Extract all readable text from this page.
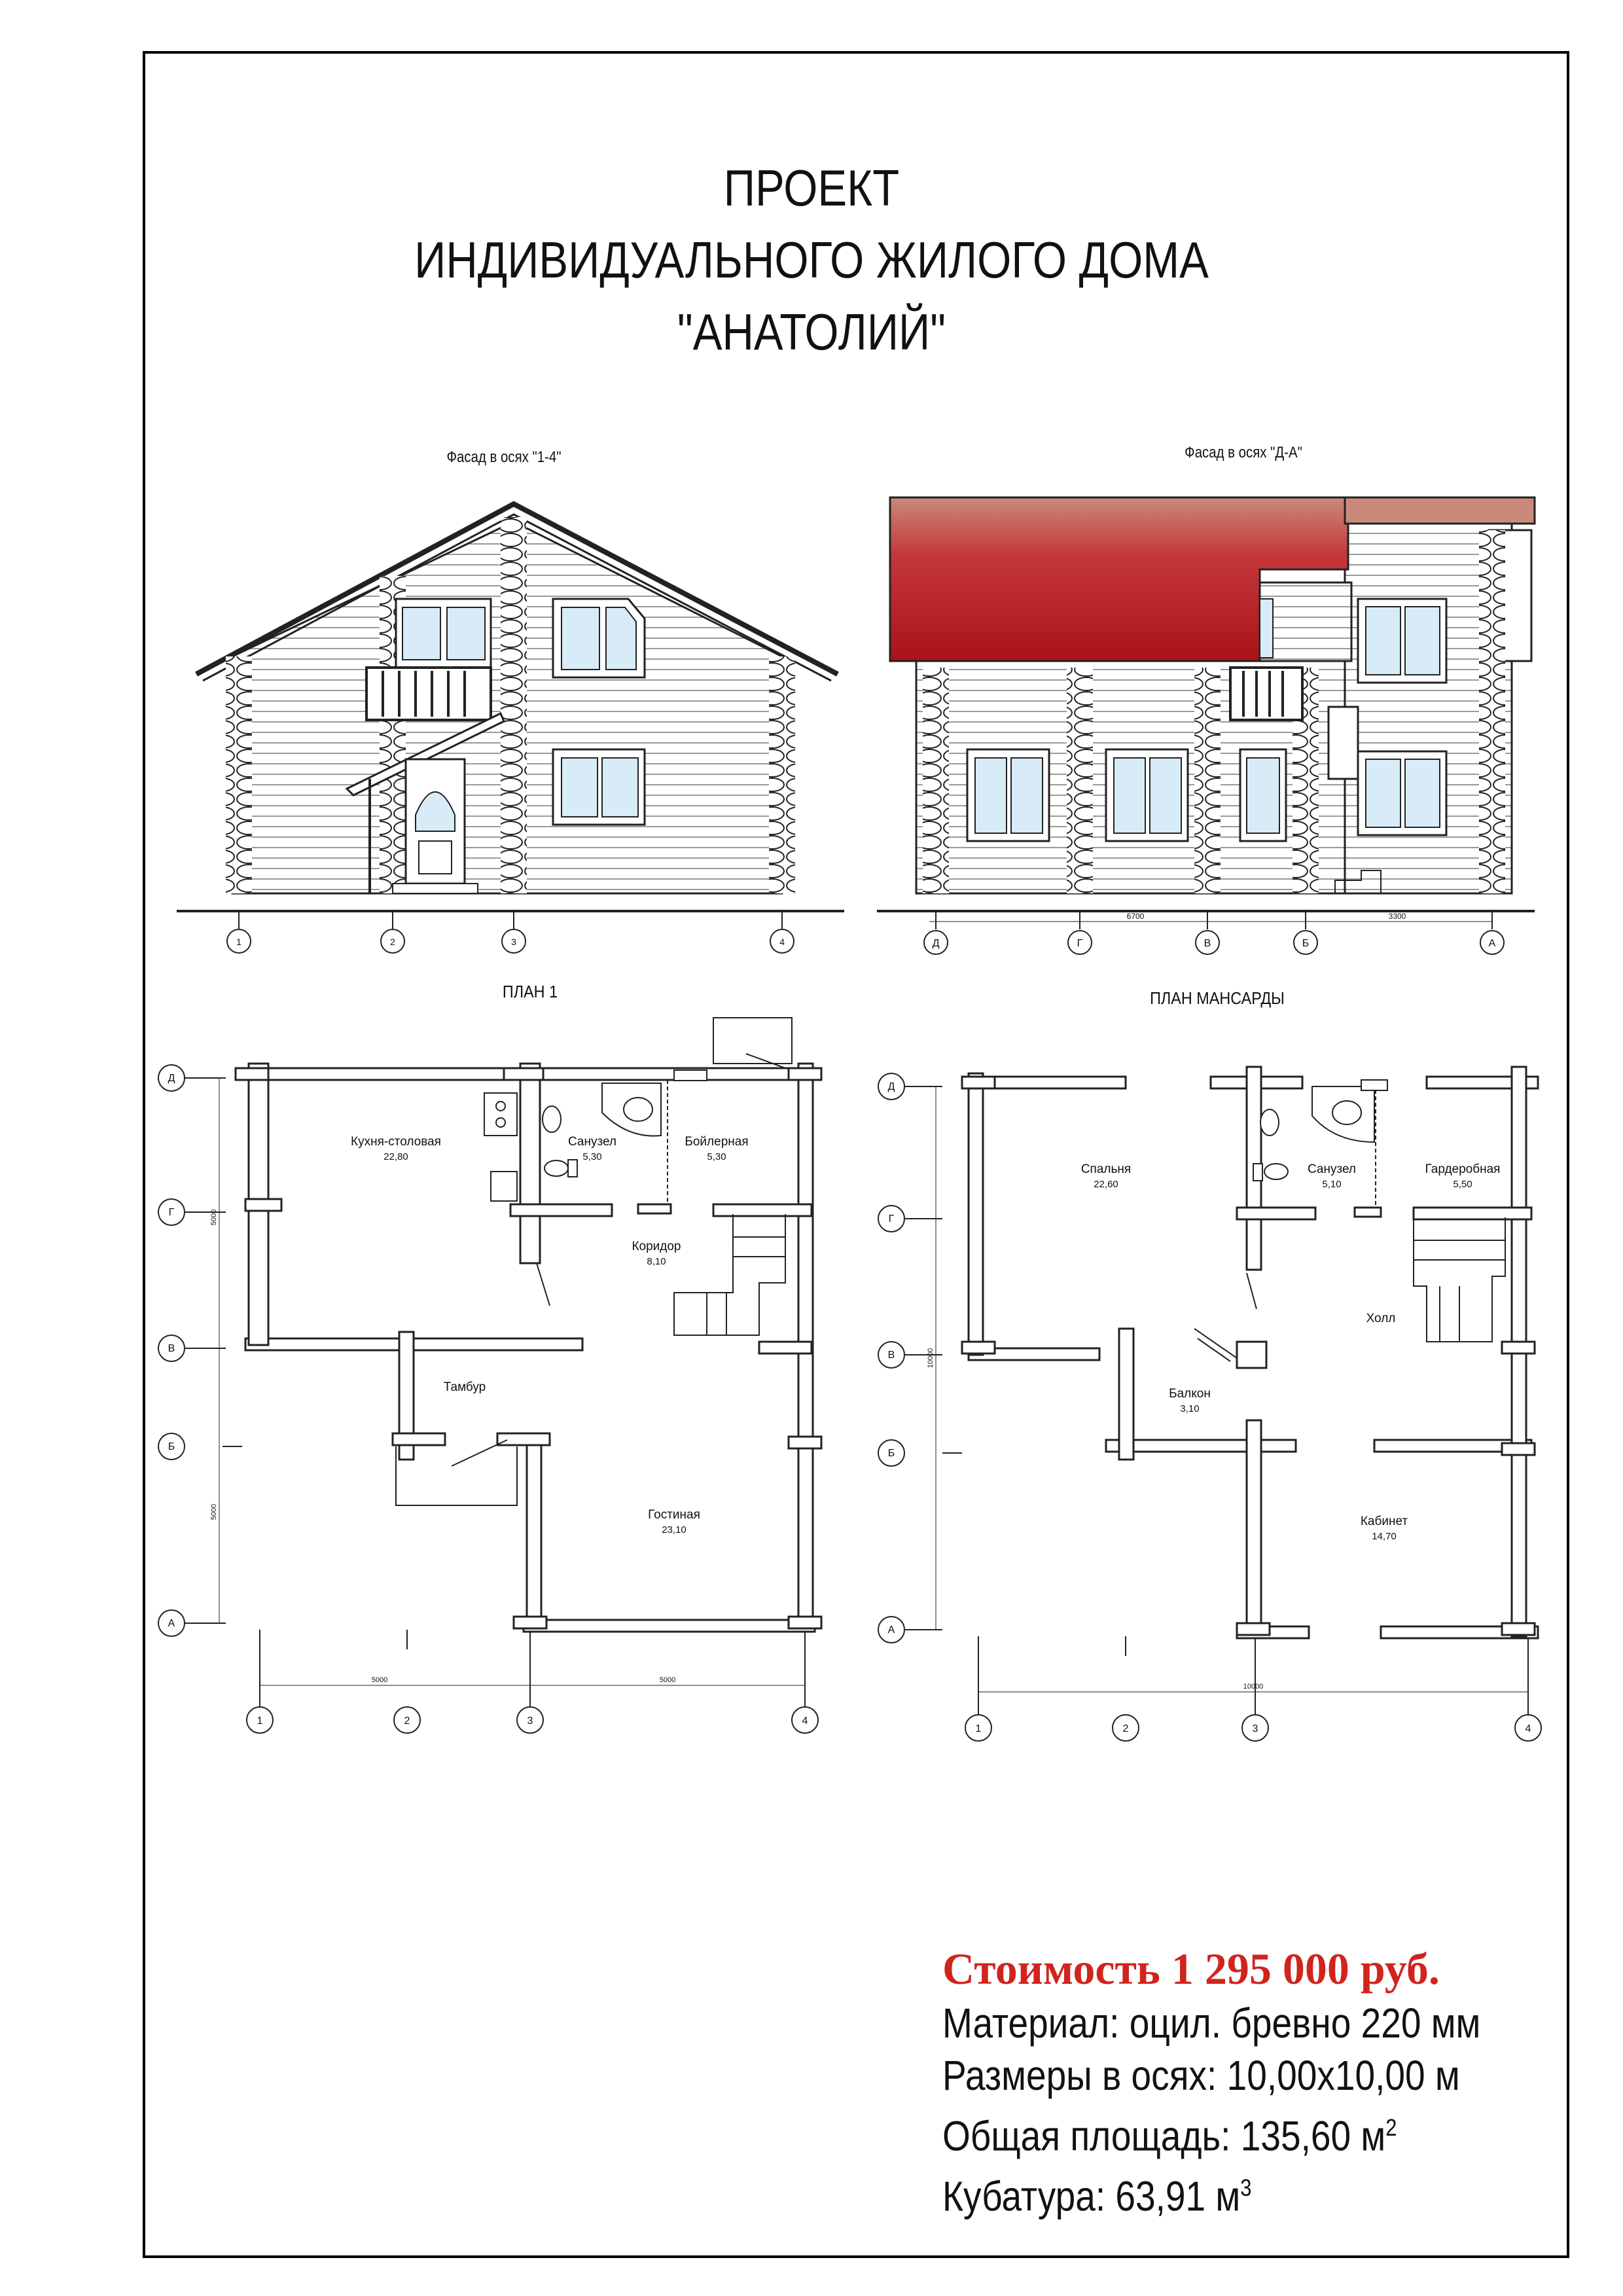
ПРОЕКТ
ИНДИВИДУАЛЬНОГО ЖИЛОГО ДОМА
"АНАТОЛИЙ"
Фасад в осях "1-4"	Фасад в осях "Д-А"
ПЛАН 1	ПЛАН МАНСАРДЫ
1	2	3	4
6700	3300
Д	Г	В	Б	А
Д
Г
В
Б
А
1	2	3	4
5000
5000
5000	5000
Кухня-столовая
22,80
Санузел
5,30
Бойлерная
5,30
Коридор
8,10
Тамбур
Гостиная
23,10
Д
Г
В
Б
А
1	2	3	4
10000
10000
Спальня
22,60
Санузел
5,10
Гардеробная
5,50
Холл
Балкон
3,10
Кабинет
14,70
Стоимость 1 295 000 руб.
Материал: оцил. бревно 220 мм
Размеры в осях: 10,00х10,00 м
Общая площадь: 135,60 $м^2$
Кубатура: 63,91 $м^3$
